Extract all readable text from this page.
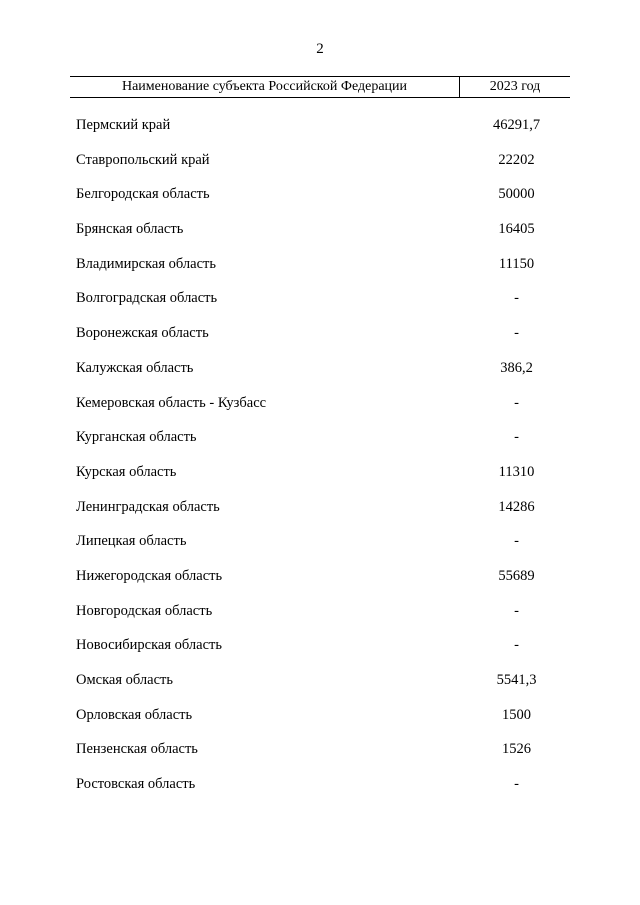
2
Наименование субъекта Российской Федерации	2023 год
Пермский край	46291,7
Ставропольский край	22202
Белгородская область	50000
Брянская область	16405
Владимирская область	11150
Волгоградская область	-
Воронежская область	-
Калужская область	386,2
Кемеровская область - Кузбасс	-
Курганская область	-
Курская область	11310
Ленинградская область	14286
Липецкая область	-
Нижегородская область	55689
Новгородская область	-
Новосибирская область	-
Омская область	5541,3
Орловская область	1500
Пензенская область	1526
Ростовская область	-
